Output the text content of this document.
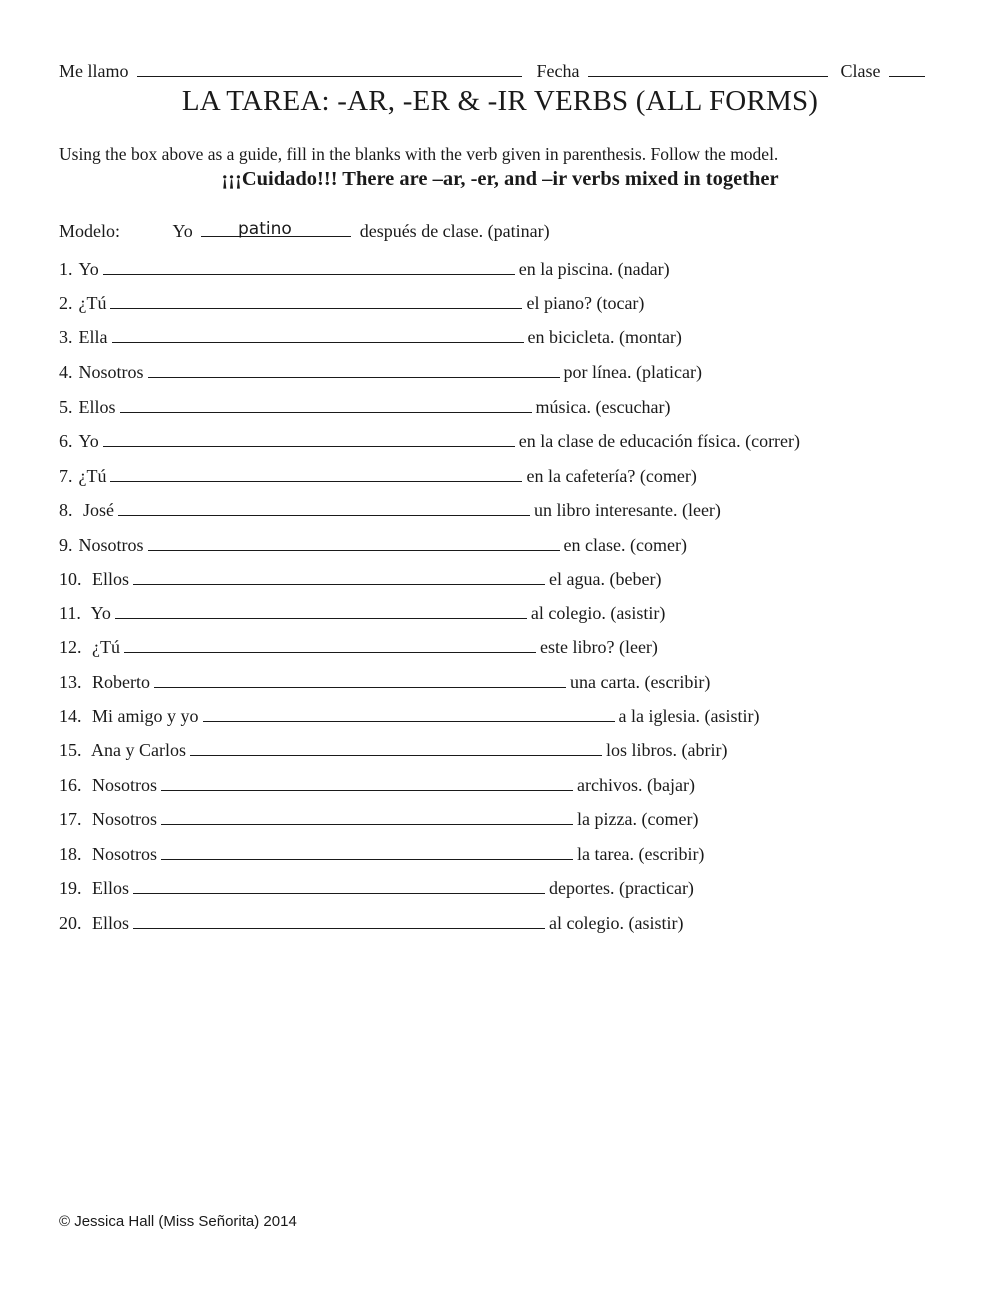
Me llamo	Fecha	Clase
LA TAREA: -AR, -ER & -IR VERBS (ALL FORMS)
Using the box above as a guide, fill in the blanks with the verb given in parenthesis. Follow the model.
¡¡¡Cuidado!!! There are –ar, -er, and –ir verbs mixed in together
Modelo:	Yo	después de clase. (patinar)
patino
1. Yo	en la piscina. (nadar)
2. ¿Tú	el piano? (tocar)
3. Ella	en bicicleta. (montar)
4. Nosotros	por línea. (platicar)
5. Ellos	música. (escuchar)
6. Yo	en la clase de educación física. (correr)
7. ¿Tú	en la cafetería? (comer)
8. José	un libro interesante. (leer)
9. Nosotros	en clase. (comer)
10. Ellos	el agua. (beber)
11. Yo	al colegio. (asistir)
12. ¿Tú	este libro? (leer)
13. Roberto	una carta. (escribir)
14. Mi amigo y yo	a la iglesia. (asistir)
15. Ana y Carlos	los libros. (abrir)
16. Nosotros	archivos. (bajar)
17. Nosotros	la pizza. (comer)
18. Nosotros	la tarea. (escribir)
19. Ellos	deportes. (practicar)
20. Ellos	al colegio. (asistir)
© Jessica Hall (Miss Señorita) 2014
